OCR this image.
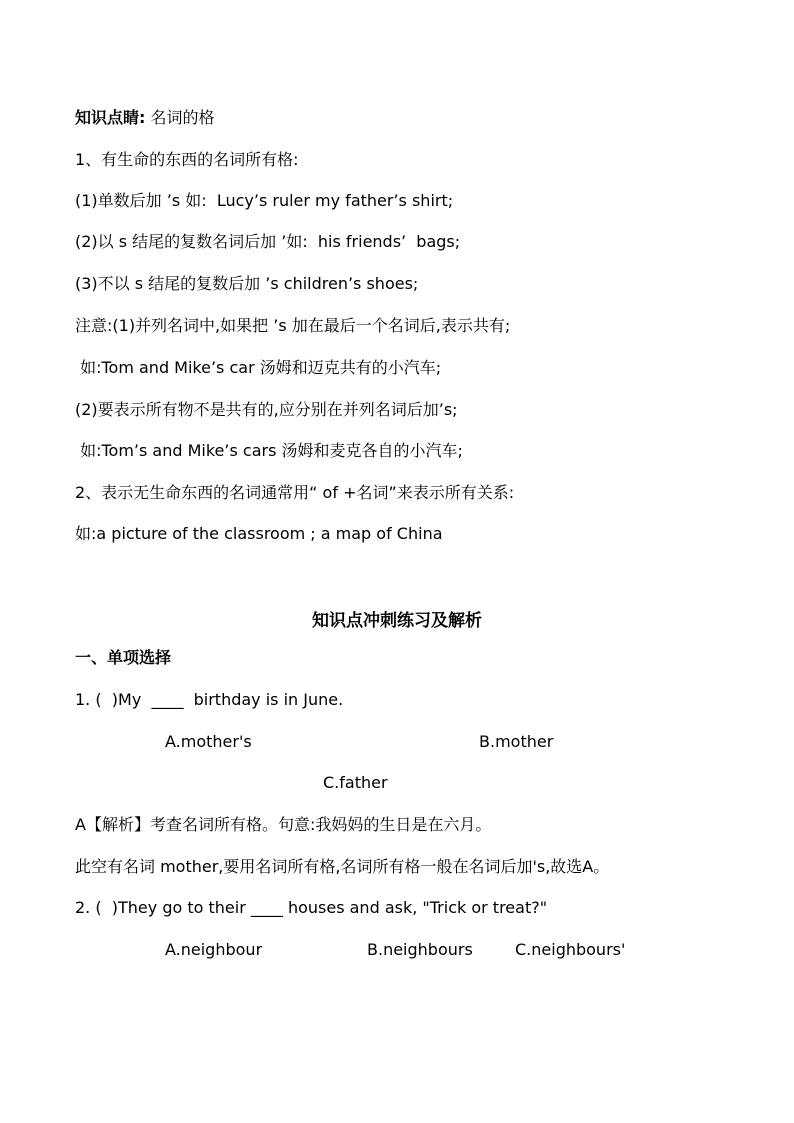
知识点睛: 名词的格
1、有生命的东西的名词所有格:
(1)单数后加 ’s 如:  Lucy’s ruler my father’s shirt;
(2)以 s 结尾的复数名词后加 ’如:  his friends’  bags;
(3)不以 s 结尾的复数后加 ’s children’s shoes;
注意:(1)并列名词中,如果把 ’s 加在最后一个名词后,表示共有;
如:Tom and Mike’s car 汤姆和迈克共有的小汽车;
(2)要表示所有物不是共有的,应分别在并列名词后加’s;
如:Tom’s and Mike’s cars 汤姆和麦克各自的小汽车;
2、表示无生命东西的名词通常用“ of +名词”来表示所有关系:
如:a picture of the classroom ; a map of China
知识点冲刺练习及解析
一、单项选择
1. (  )My  ____  birthday is in June.
A.mother's	B.mother
C.father
A【解析】考查名词所有格。句意:我妈妈的生日是在六月。
此空有名词 mother,要用名词所有格,名词所有格一般在名词后加's,故选A。
2. (  )They go to their ____ houses and ask, "Trick or treat?"
A.neighbour	B.neighbours	C.neighbours'
